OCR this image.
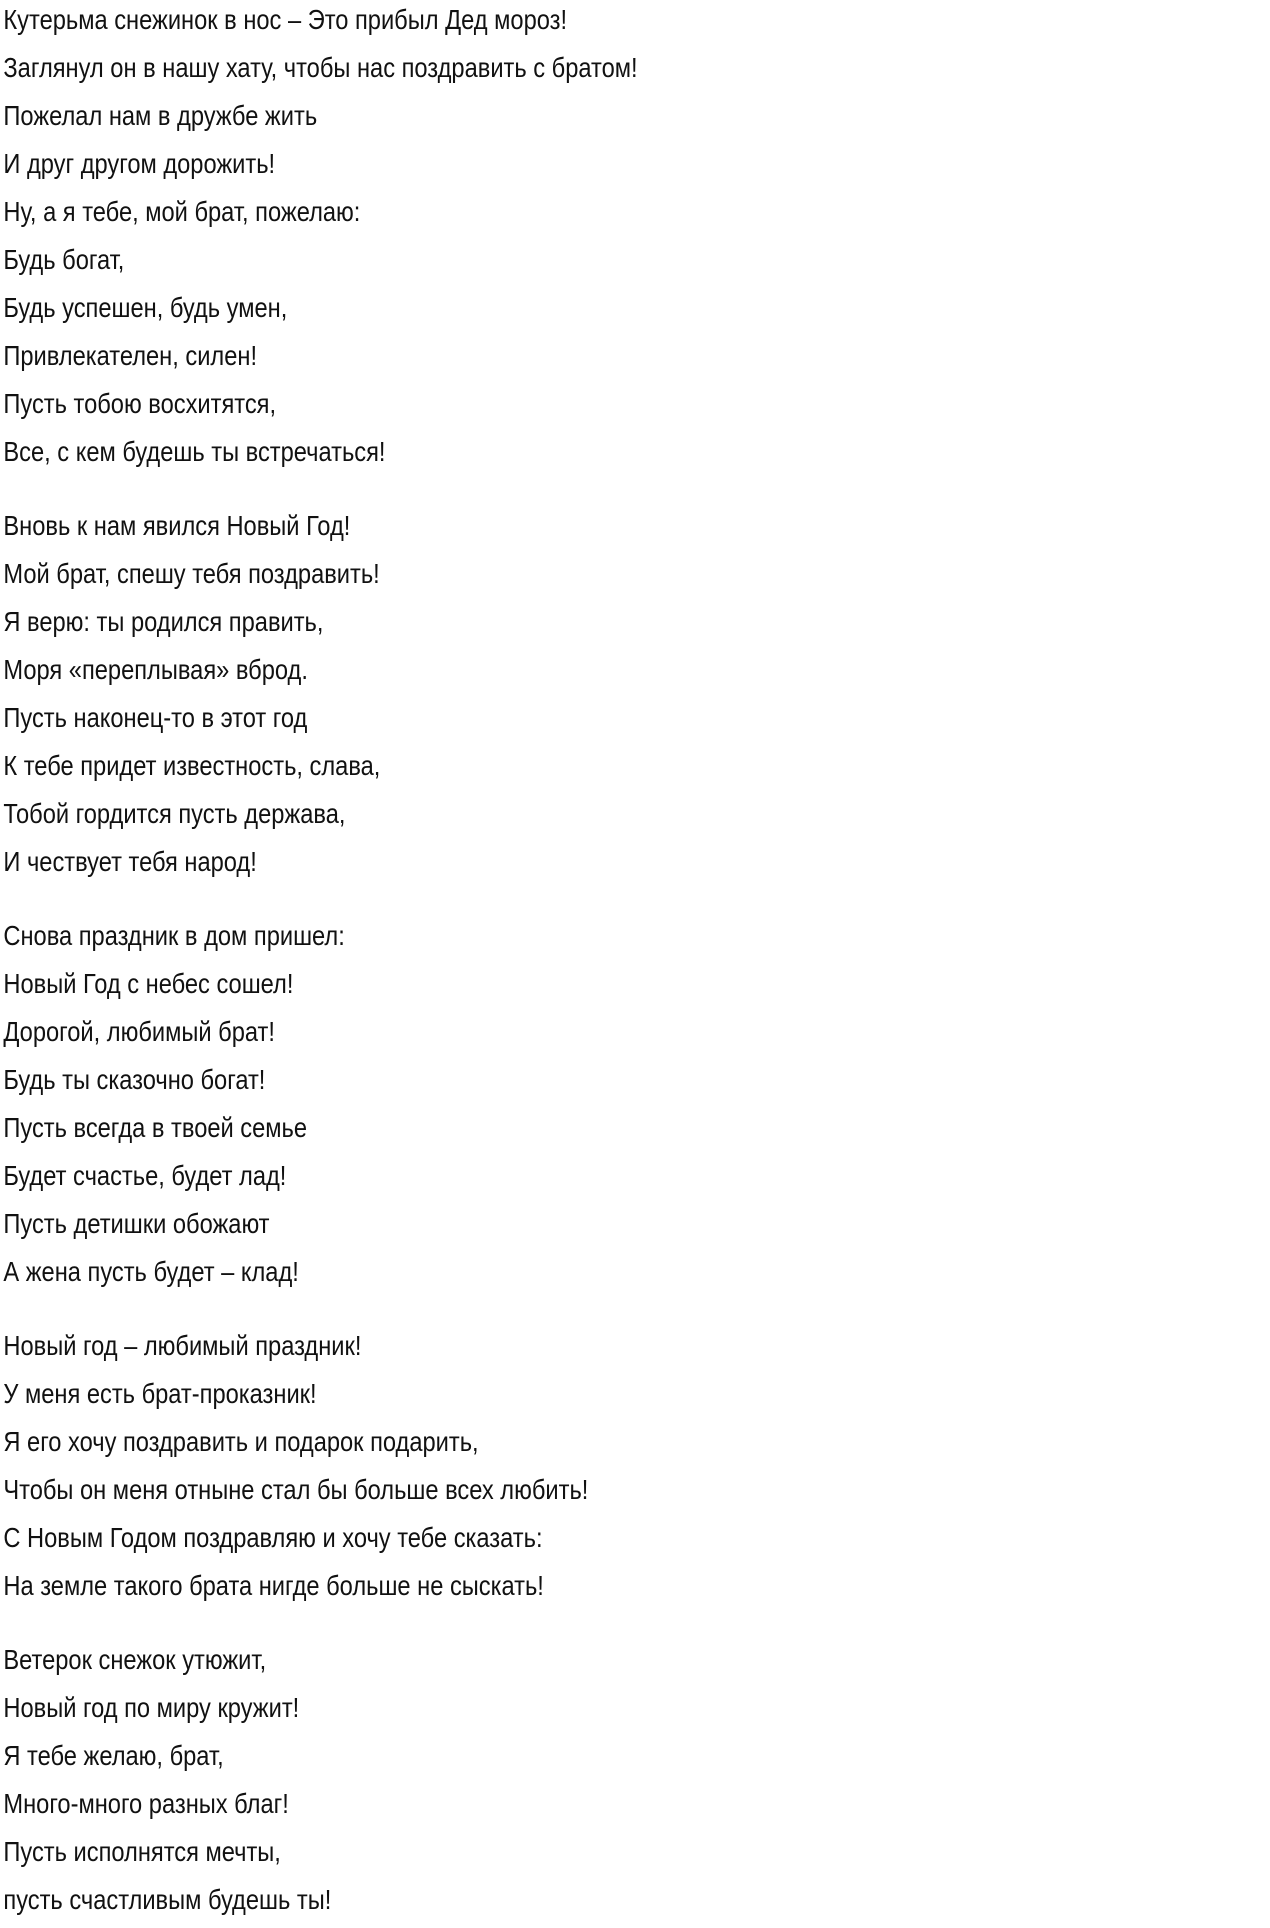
Кутерьма снежинок в нос – Это прибыл Дед мороз!

Заглянул он в нашу хату, чтобы нас поздравить с братом!

Пожелал нам в дружбе жить

И друг другом дорожить!

Ну, а я тебе, мой брат, пожелаю:

Будь богат,

Будь успешен, будь умен,

Привлекателен, силен!

Пусть тобою восхитятся,

Все, с кем будешь ты встречаться!

Вновь к нам явился Новый Год!

Мой брат, спешу тебя поздравить!

Я верю: ты родился править,

Моря «переплывая» вброд.

Пусть наконец-то в этот год

К тебе придет известность, слава,

Тобой гордится пусть держава,

И чествует тебя народ!

Снова праздник в дом пришел:

Новый Год с небес сошел!

Дорогой, любимый брат!

Будь ты сказочно богат!

Пусть всегда в твоей семье

Будет счастье, будет лад!

Пусть детишки обожают

А жена пусть будет – клад!

Новый год – любимый праздник!

У меня есть брат-проказник!

Я его хочу поздравить и подарок подарить,

Чтобы он меня отныне стал бы больше всех любить!

С Новым Годом поздравляю и хочу тебе сказать:

На земле такого брата нигде больше не сыскать!

Ветерок снежок утюжит,

Новый год по миру кружит!

Я тебе желаю, брат,

Много-много разных благ!

Пусть исполнятся мечты,

пусть счастливым будешь ты!
